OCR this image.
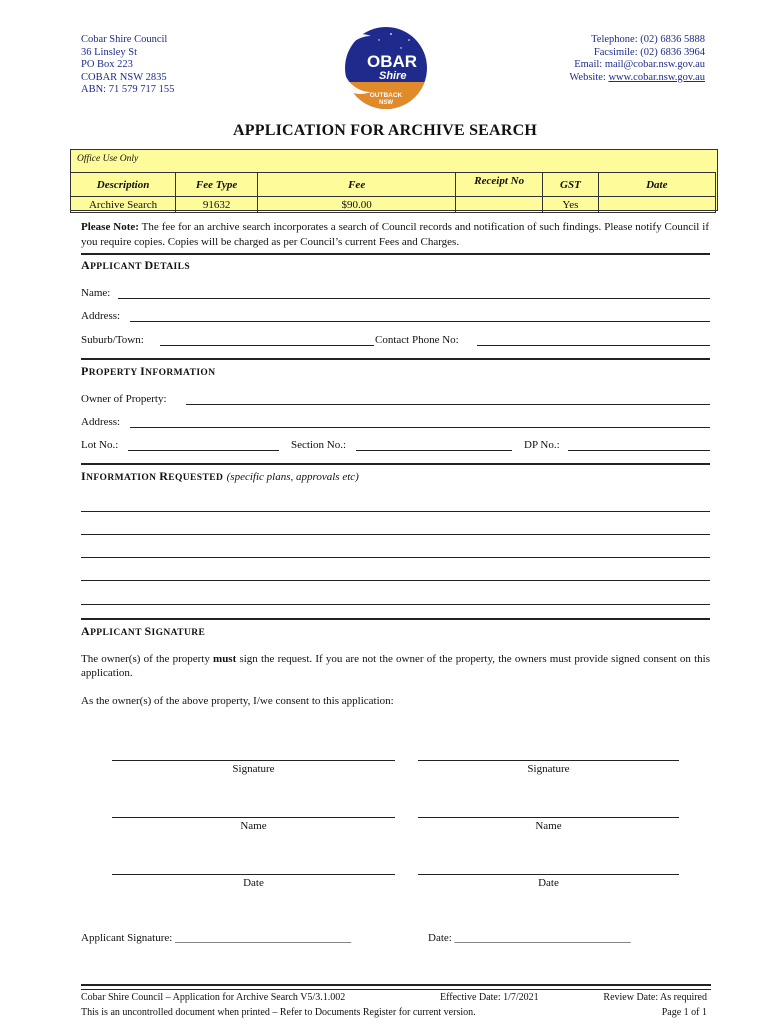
Cobar Shire Council
36 Linsley St
PO Box 223
COBAR NSW 2835
ABN: 71 579 717 155
OBAR
Shire
OUTBACK
NSW
Telephone: (02) 6836 5888
Facsimile: (02) 6836 3964
Email: mail@cobar.nsw.gov.au
Website: www.cobar.nsw.gov.au
APPLICATION FOR ARCHIVE SEARCH
Office Use Only
Description	Fee Type	Fee	Receipt No	GST	Date
Archive Search	91632	$90.00		Yes	
Please Note: The fee for an archive search incorporates a search of Council records and notification of such findings. Please notify Council if you require copies. Copies will be charged as per Council’s current Fees and Charges.
APPLICANT DETAILS
Name:
Address:
Suburb/Town:	Contact Phone No:
PROPERTY INFORMATION
Owner of Property:
Address:
Lot No.:	Section No.:	DP No.:
INFORMATION REQUESTED (specific plans, approvals etc)
APPLICANT SIGNATURE
The owner(s) of the property must sign the request. If you are not the owner of the property, the owners must provide signed consent on this application.
As the owner(s) of the above property, I/we consent to this application:
Signature	Signature
Name	Name
Date	Date
Applicant Signature: ________________________________	Date: ________________________________
Cobar Shire Council – Application for Archive Search V5/3.1.002	Effective Date: 1/7/2021	Review Date: As required
This is an uncontrolled document when printed – Refer to Documents Register for current version.	Page 1 of 1
